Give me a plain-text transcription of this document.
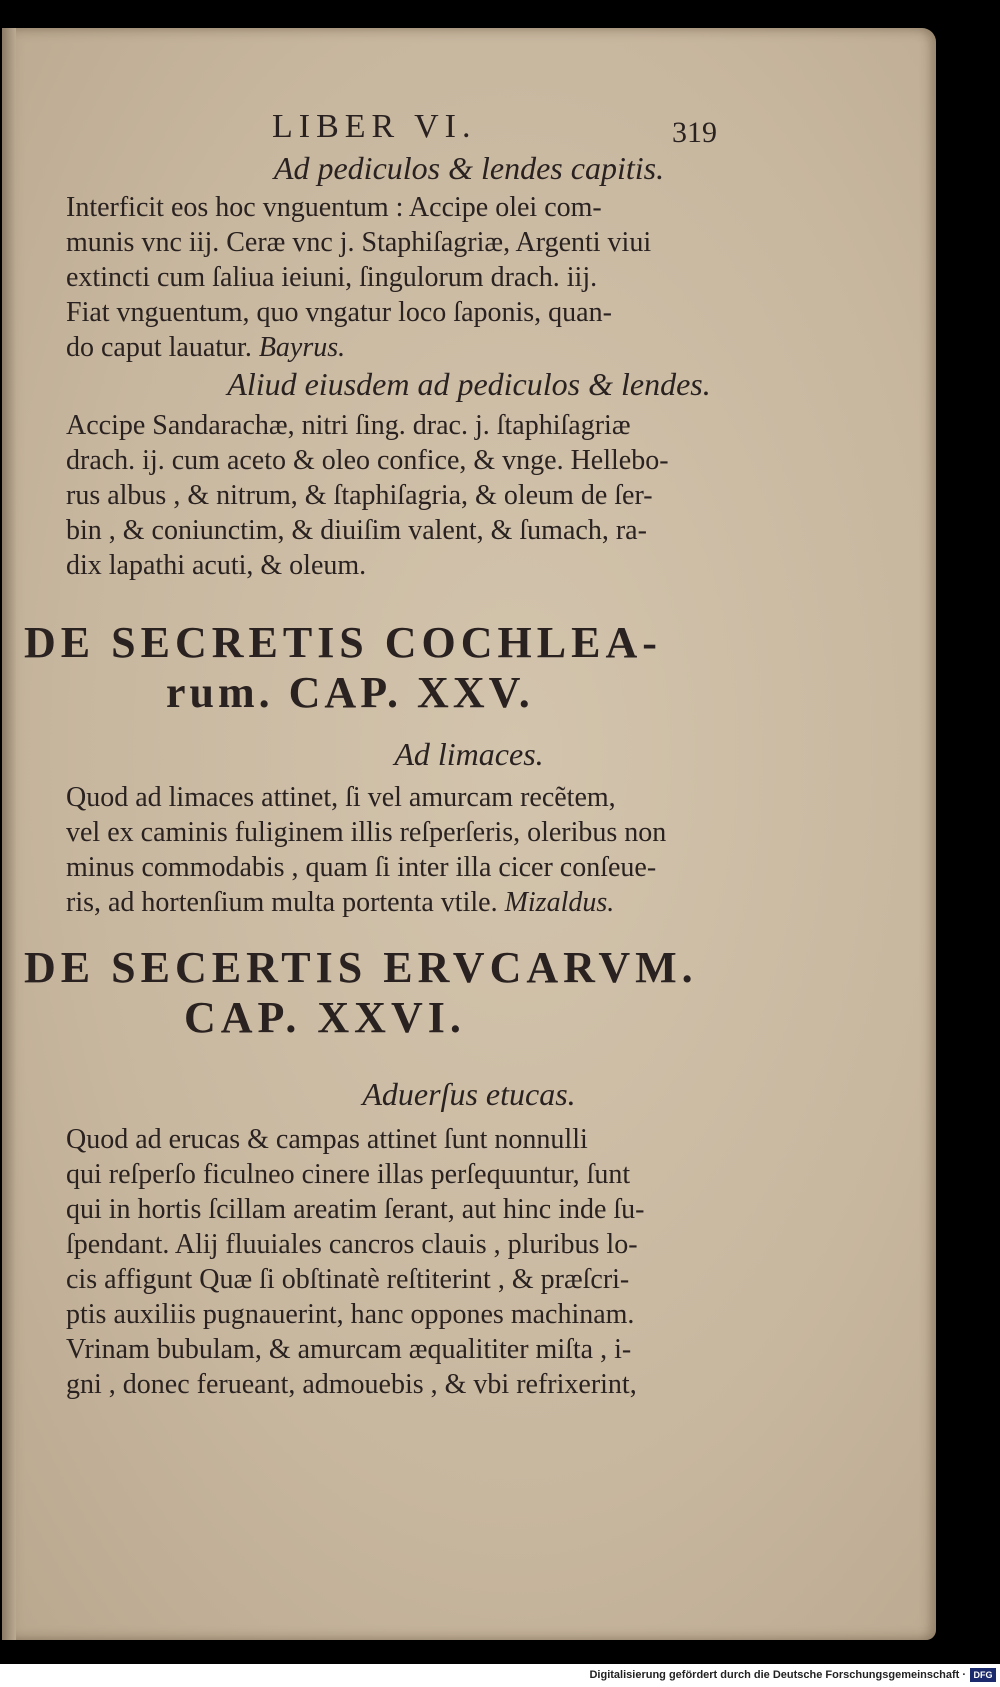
LIBER VI.	319
Ad pediculos & lendes capitis.
Interficit eos hoc vnguentum : Accipe olei com-
munis vnc iij. Ceræ vnc j. Staphiſagriæ, Argenti viui
extincti cum ſaliua ieiuni, ſingulorum drach. iij.
Fiat vnguentum, quo vngatur loco ſaponis, quan-
do caput lauatur. Bayrus.
Aliud eiusdem ad pediculos & lendes.
Accipe Sandarachæ, nitri ſing. drac. j. ſtaphiſagriæ
drach. ij. cum aceto & oleo confice, & vnge. Hellebo-
rus albus , & nitrum, & ſtaphiſagria, & oleum de ſer-
bin , & coniunctim, & diuiſim valent, & ſumach, ra-
dix lapathi acuti, & oleum.
DE SECRETIS COCHLEA-
rum. CAP. XXV.
Ad limaces.
Quod ad limaces attinet, ſi vel amurcam recẽtem,
vel ex caminis fuliginem illis reſperſeris, oleribus non
minus commodabis , quam ſi inter illa cicer conſeue-
ris, ad hortenſium multa portenta vtile. Mizaldus.
DE SECERTIS ERVCARVM.
CAP. XXVI.
Aduerſus etucas.
Quod ad erucas & campas attinet ſunt nonnulli
qui reſperſo ficulneo cinere illas perſequuntur, ſunt
qui in hortis ſcillam areatim ſerant, aut hinc inde ſu-
ſpendant. Alij fluuiales cancros clauis , pluribus lo-
cis affigunt Quæ ſi obſtinatè reſtiterint , & præſcri-
ptis auxiliis pugnauerint, hanc oppones machinam.
Vrinam bubulam, & amurcam æqualititer miſta , i-
gni , donec ferueant, admouebis , & vbi refrixerint,
Digitalisierung gefördert durch die Deutsche Forschungsgemeinschaft · DFG
